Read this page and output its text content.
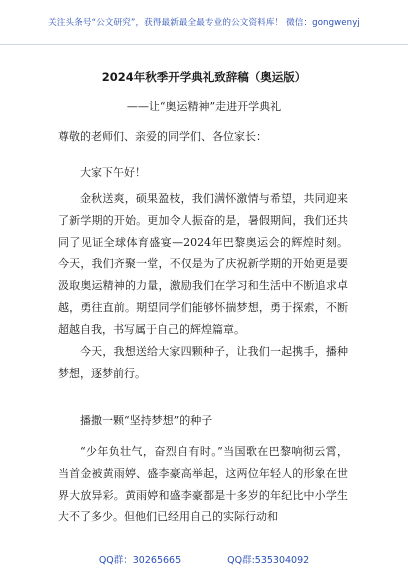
关注头条号“公文研究”，获得最新最全最专业的公文资料库！ 微信：gongwenyj
2024年秋季开学典礼致辞稿（奥运版）
——让“奥运精神”走进开学典礼
尊敬的老师们、亲爱的同学们、各位家长：
大家下午好！

金秋送爽，硕果盈枝，我们满怀激情与希望，共同迎来了新学期的开始。更加令人振奋的是，暑假期间，我们还共同了见证全球体育盛宴—2024年巴黎奥运会的辉煌时刻。今天，我们齐聚一堂，不仅是为了庆祝新学期的开始更是要汲取奥运精神的力量，激励我们在学习和生活中不断追求卓越，勇往直前。期望同学们能够怀揣梦想，勇于探索，不断超越自我，书写属于自己的辉煌篇章。

今天，我想送给大家四颗种子，让我们一起携手，播种梦想，逐梦前行。

播撒一颗“坚持梦想”的种子

“少年负壮气，奋烈自有时。”当国歌在巴黎响彻云霄，当首金被黄雨婷、盛李豪高举起，这两位年轻人的形象在世界大放异彩。黄雨婷和盛李豪都是十多岁的年纪比中小学生大不了多少。但他们已经用自己的实际行动和

QQ群：30265665	QQ群:535304092
